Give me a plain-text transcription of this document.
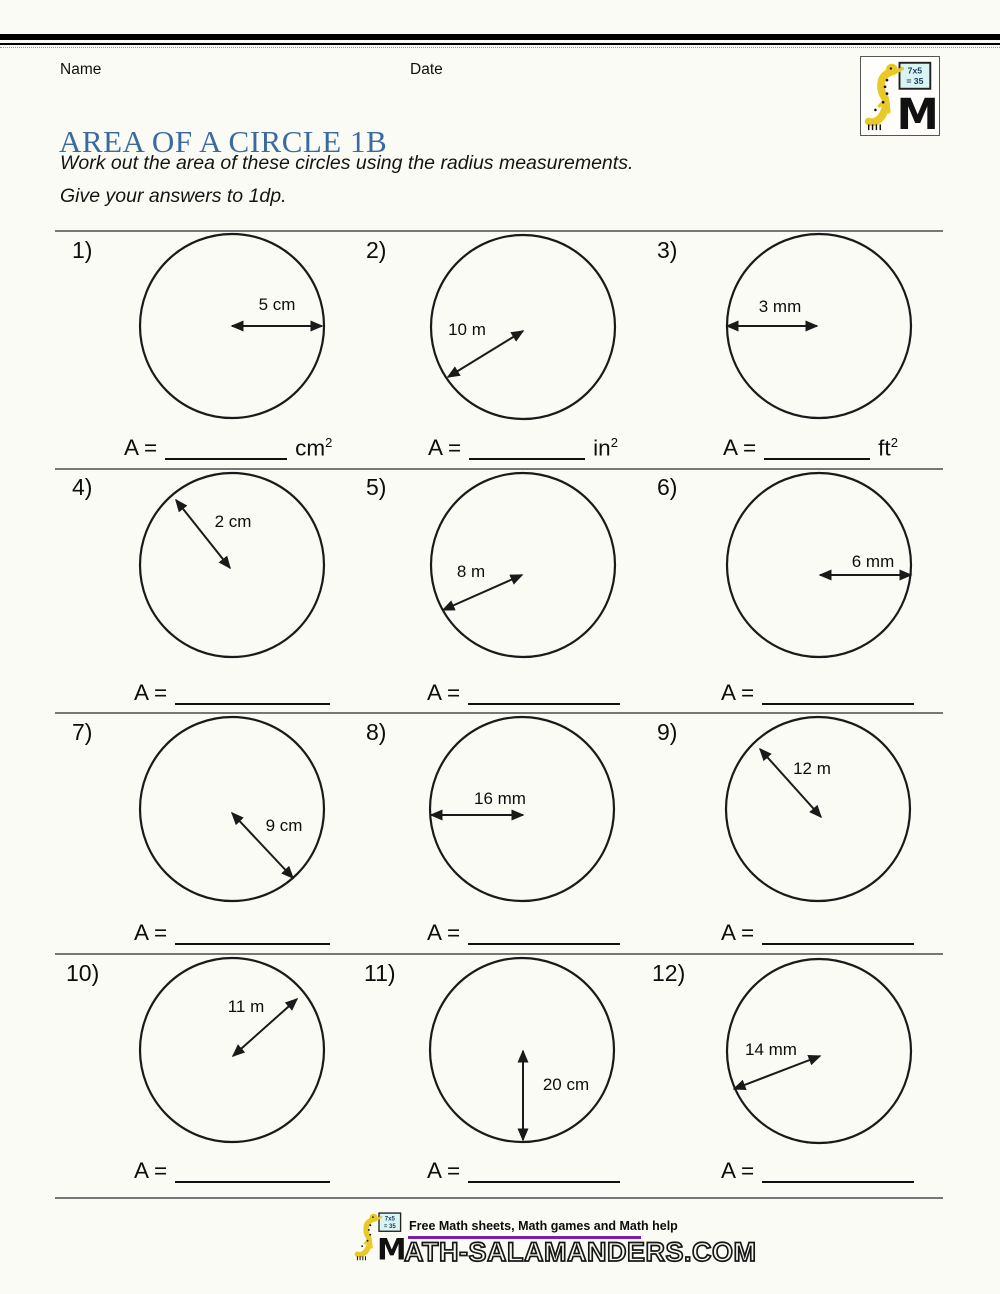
Name	Date	7x5
= 35
M
AREA OF A CIRCLE 1B
Work out the area of these circles using the radius measurements.
Give your answers to 1dp.
1)
5 cm
A =	$cm^2$
2)
10 m
A =	$in^2$
3)
3 mm
A =	$ft^2$
4)
2 cm
A =
5)
8 m
A =
6)
6 mm
A =
7)
9 cm
A =
8)
16 mm
A =
9)
12 m
A =
10)
11 m
A =
11)
20 cm
A =
12)
14 mm
A =
7x5
= 35
M
Free Math sheets, Math games and Math help
ATH-SALAMANDERS.COM
